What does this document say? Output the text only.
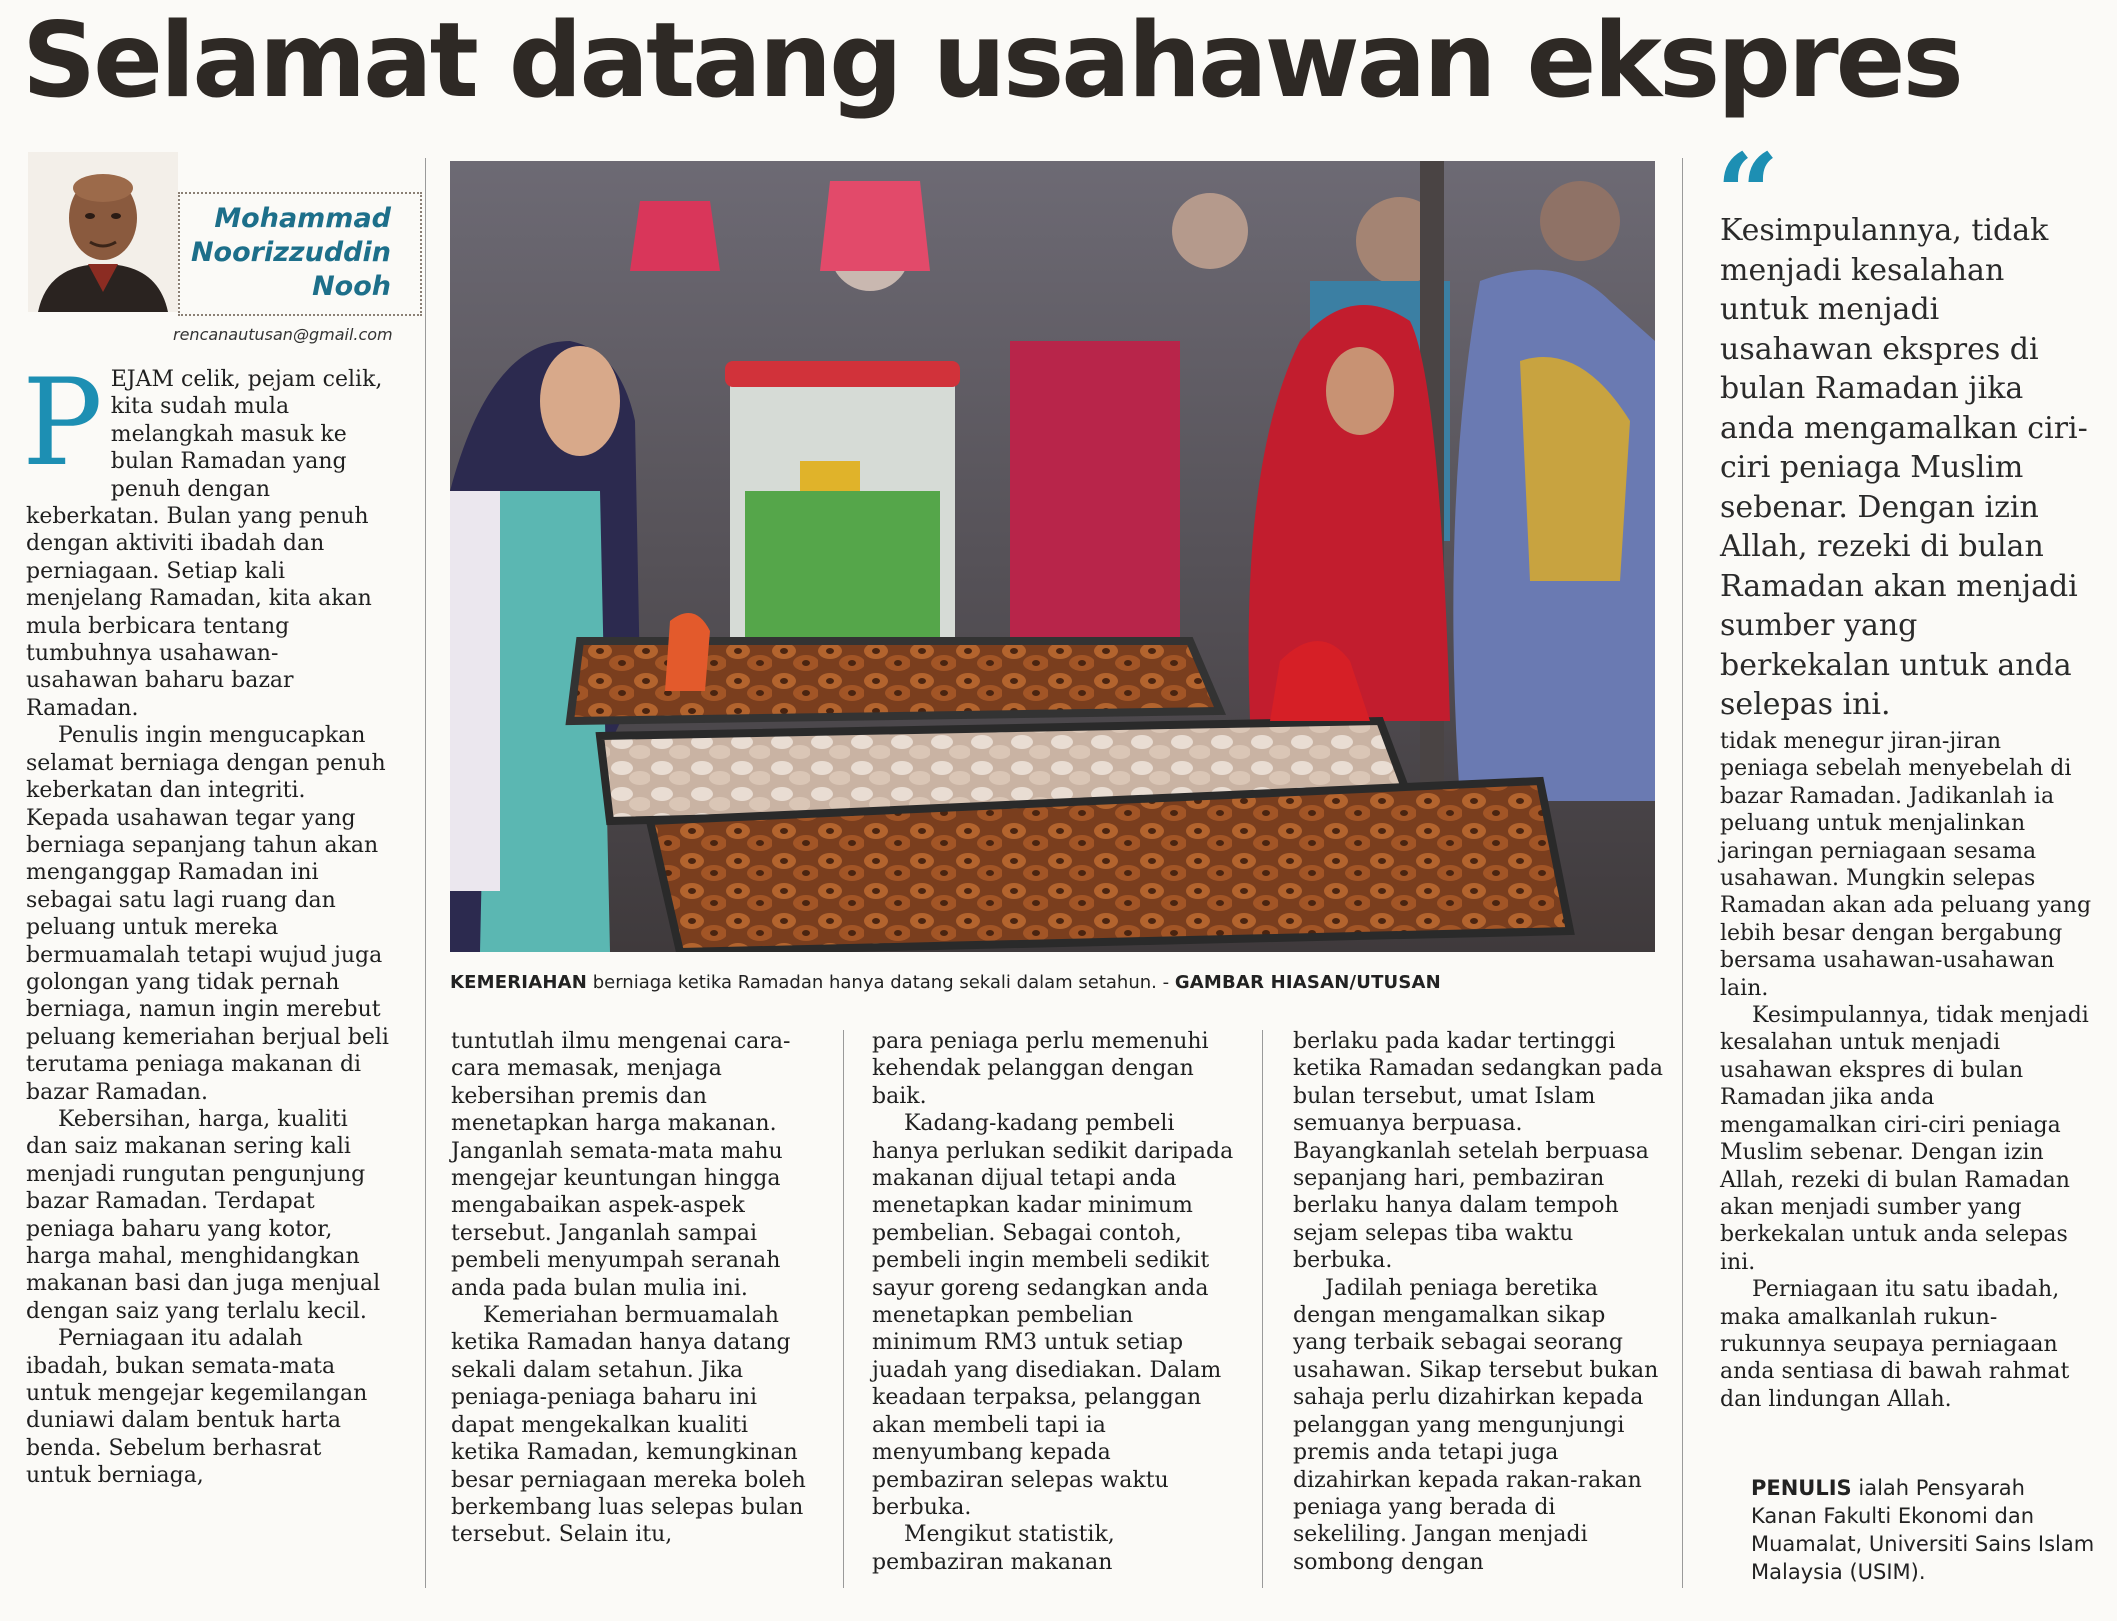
Selamat datang usahawan ekspres
Mohammad
Noorizzuddin
Nooh
rencanautusan@gmail.com

PEJAM celik, pejam celik, kita sudah mula melangkah masuk ke bulan Ramadan yang penuh dengan keberkatan. Bulan yang penuh dengan aktiviti ibadah dan perniagaan. Setiap kali menjelang Ramadan, kita akan mula berbicara tentang tumbuhnya usahawan-usahawan baharu bazar Ramadan.

Penulis ingin mengucapkan selamat berniaga dengan penuh keberkatan dan integriti. Kepada usahawan tegar yang berniaga sepanjang tahun akan menganggap Ramadan ini sebagai satu lagi ruang dan peluang untuk mereka bermuamalah tetapi wujud juga golongan yang tidak pernah berniaga, namun ingin merebut peluang kemeriahan berjual beli terutama peniaga makanan di bazar Ramadan.

Kebersihan, harga, kualiti dan saiz makanan sering kali menjadi rungutan pengunjung bazar Ramadan. Terdapat peniaga baharu yang kotor, harga mahal, menghidangkan makanan basi dan juga menjual dengan saiz yang terlalu kecil.

Perniagaan itu adalah ibadah, bukan semata-mata untuk mengejar kegemilangan duniawi dalam bentuk harta benda. Sebelum berhasrat untuk berniaga,

KEMERIAHAN berniaga ketika Ramadan hanya datang sekali dalam setahun. - GAMBAR HIASAN/UTUSAN

tuntutlah ilmu mengenai cara-cara memasak, menjaga kebersihan premis dan menetapkan harga makanan. Janganlah semata-mata mahu mengejar keuntungan hingga mengabaikan aspek-aspek tersebut. Janganlah sampai pembeli menyumpah seranah anda pada bulan mulia ini.

Kemeriahan bermuamalah ketika Ramadan hanya datang sekali dalam setahun. Jika peniaga-peniaga baharu ini dapat mengekalkan kualiti ketika Ramadan, kemungkinan besar perniagaan mereka boleh berkembang luas selepas bulan tersebut. Selain itu,

para peniaga perlu memenuhi kehendak pelanggan dengan baik.

Kadang-kadang pembeli hanya perlukan sedikit daripada makanan dijual tetapi anda menetapkan kadar minimum pembelian. Sebagai contoh, pembeli ingin membeli sedikit sayur goreng sedangkan anda menetapkan pembelian minimum RM3 untuk setiap juadah yang disediakan. Dalam keadaan terpaksa, pelanggan akan membeli tapi ia menyumbang kepada pembaziran selepas waktu berbuka.

Mengikut statistik, pembaziran makanan

berlaku pada kadar tertinggi ketika Ramadan sedangkan pada bulan tersebut, umat Islam semuanya berpuasa. Bayangkanlah setelah berpuasa sepanjang hari, pembaziran berlaku hanya dalam tempoh sejam selepas tiba waktu berbuka.

Jadilah peniaga beretika dengan mengamalkan sikap yang terbaik sebagai seorang usahawan. Sikap tersebut bukan sahaja perlu dizahirkan kepada pelanggan yang mengunjungi premis anda tetapi juga dizahirkan kepada rakan-rakan peniaga yang berada di sekeliling. Jangan menjadi sombong dengan

“

Kesimpulannya, tidak menjadi kesalahan untuk menjadi usahawan ekspres di bulan Ramadan jika anda mengamalkan ciri-ciri peniaga Muslim sebenar. Dengan izin Allah, rezeki di bulan Ramadan akan menjadi sumber yang berkekalan untuk anda selepas ini.

tidak menegur jiran-jiran peniaga sebelah menyebelah di bazar Ramadan. Jadikanlah ia peluang untuk menjalinkan jaringan perniagaan sesama usahawan. Mungkin selepas Ramadan akan ada peluang yang lebih besar dengan bergabung bersama usahawan-usahawan lain.

Kesimpulannya, tidak menjadi kesalahan untuk menjadi usahawan ekspres di bulan Ramadan jika anda mengamalkan ciri-ciri peniaga Muslim sebenar. Dengan izin Allah, rezeki di bulan Ramadan akan menjadi sumber yang berkekalan untuk anda selepas ini.

Perniagaan itu satu ibadah, maka amalkanlah rukun-rukunnya seupaya perniagaan anda sentiasa di bawah rahmat dan lindungan Allah.

PENULIS ialah Pensyarah Kanan Fakulti Ekonomi dan Muamalat, Universiti Sains Islam Malaysia (USIM).
